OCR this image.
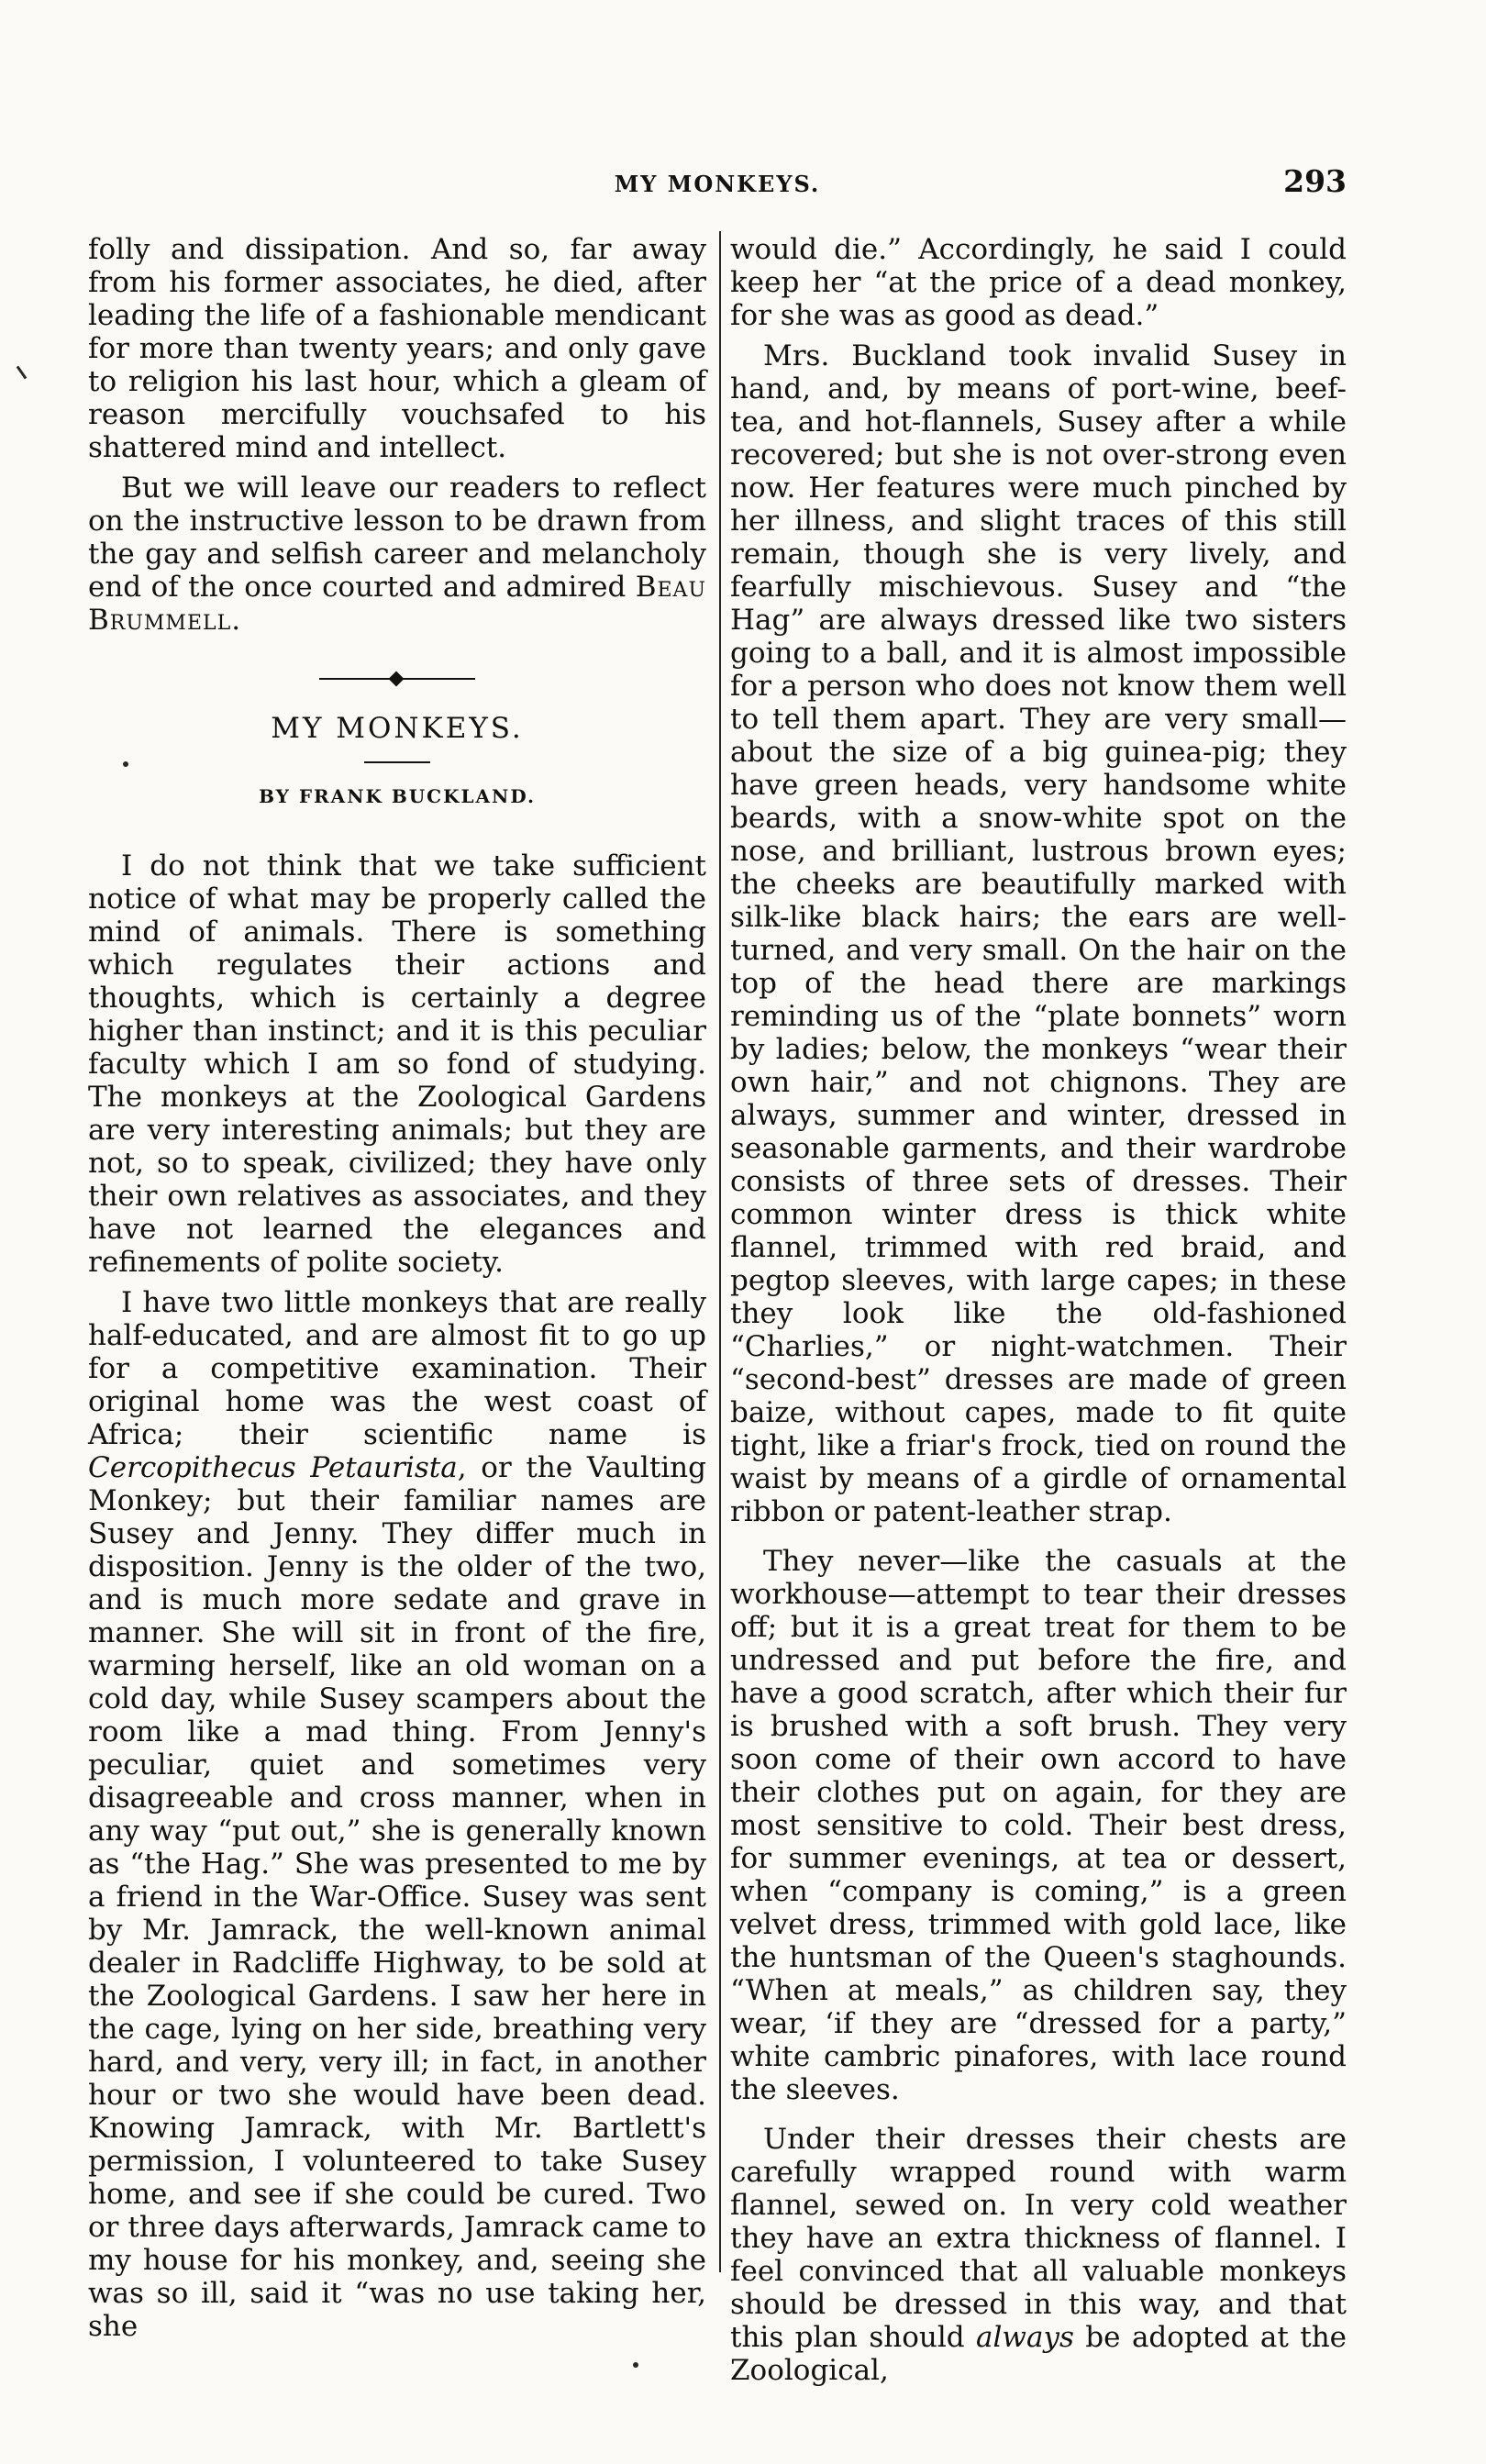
MY MONKEYS.	293

folly and dissipation. And so, far away from his former associates, he died, after leading the life of a fashionable mendicant for more than twenty years; and only gave to religion his last hour, which a gleam of reason mercifully vouchsafed to his shattered mind and intellect.

But we will leave our readers to reflect on the instructive lesson to be drawn from the gay and selfish career and melancholy end of the once courted and admired Beau Brummell.

MY MONKEYS.
BY FRANK BUCKLAND.

I do not think that we take sufficient notice of what may be properly called the mind of animals. There is something which regulates their actions and thoughts, which is certainly a degree higher than instinct; and it is this peculiar faculty which I am so fond of studying. The monkeys at the Zoological Gardens are very interesting animals; but they are not, so to speak, civilized; they have only their own relatives as associates, and they have not learned the elegances and refinements of polite society.

I have two little monkeys that are really half-educated, and are almost fit to go up for a competitive examination. Their original home was the west coast of Africa; their scientific name is Cercopithecus Petaurista, or the Vaulting Monkey; but their familiar names are Susey and Jenny. They differ much in disposition. Jenny is the older of the two, and is much more sedate and grave in manner. She will sit in front of the fire, warming herself, like an old woman on a cold day, while Susey scampers about the room like a mad thing. From Jenny's peculiar, quiet and sometimes very disagreeable and cross manner, when in any way “put out,” she is generally known as “the Hag.” She was presented to me by a friend in the War-Office. Susey was sent by Mr. Jamrack, the well-known animal dealer in Radcliffe Highway, to be sold at the Zoological Gardens. I saw her here in the cage, lying on her side, breathing very hard, and very, very ill; in fact, in another hour or two she would have been dead. Knowing Jamrack, with Mr. Bartlett's permission, I volunteered to take Susey home, and see if she could be cured. Two or three days afterwards, Jamrack came to my house for his monkey, and, seeing she was so ill, said it “was no use taking her, she

would die.” Accordingly, he said I could keep her “at the price of a dead monkey, for she was as good as dead.”

Mrs. Buckland took invalid Susey in hand, and, by means of port-wine, beef-tea, and hot-flannels, Susey after a while recovered; but she is not over-strong even now. Her features were much pinched by her illness, and slight traces of this still remain, though she is very lively, and fearfully mischievous. Susey and “the Hag” are always dressed like two sisters going to a ball, and it is almost impossible for a person who does not know them well to tell them apart. They are very small—about the size of a big guinea-pig; they have green heads, very handsome white beards, with a snow-white spot on the nose, and brilliant, lustrous brown eyes; the cheeks are beautifully marked with silk-like black hairs; the ears are well-turned, and very small. On the hair on the top of the head there are markings reminding us of the “plate bonnets” worn by ladies; below, the monkeys “wear their own hair,” and not chignons. They are always, summer and winter, dressed in seasonable garments, and their wardrobe consists of three sets of dresses. Their common winter dress is thick white flannel, trimmed with red braid, and pegtop sleeves, with large capes; in these they look like the old-fashioned “Charlies,” or night-watchmen. Their “second-best” dresses are made of green baize, without capes, made to fit quite tight, like a friar's frock, tied on round the waist by means of a girdle of ornamental ribbon or patent-leather strap.

They never—like the casuals at the workhouse—attempt to tear their dresses off; but it is a great treat for them to be undressed and put before the fire, and have a good scratch, after which their fur is brushed with a soft brush. They very soon come of their own accord to have their clothes put on again, for they are most sensitive to cold. Their best dress, for summer evenings, at tea or dessert, when “company is coming,” is a green velvet dress, trimmed with gold lace, like the huntsman of the Queen's staghounds. “When at meals,” as children say, they wear, ‘if they are “dressed for a party,” white cambric pinafores, with lace round the sleeves.

Under their dresses their chests are carefully wrapped round with warm flannel, sewed on. In very cold weather they have an extra thickness of flannel. I feel convinced that all valuable monkeys should be dressed in this way, and that this plan should always be adopted at the Zoological,
